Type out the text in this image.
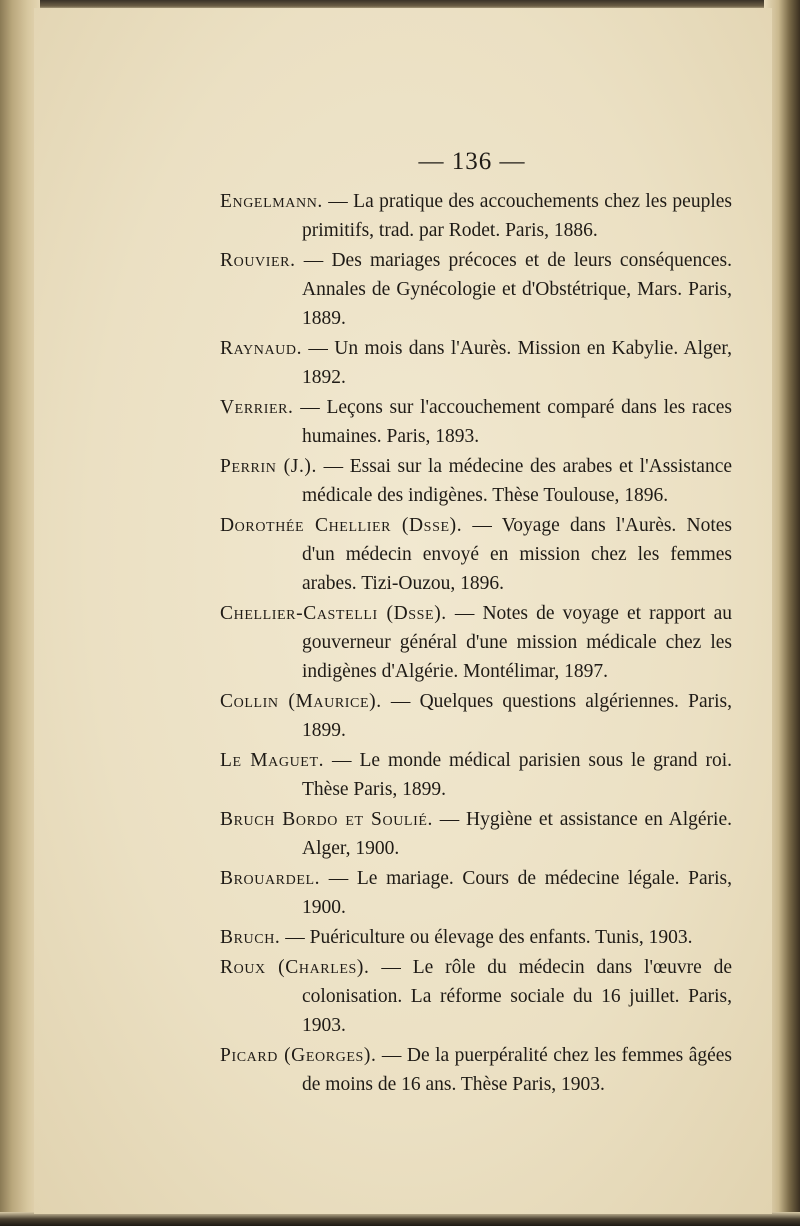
— 136 —

Engelmann. — La pratique des accouchements chez les peuples primitifs, trad. par Rodet. Paris, 1886.

Rouvier. — Des mariages précoces et de leurs conséquences. Annales de Gynécologie et d'Obstétrique, Mars. Paris, 1889.

Raynaud. — Un mois dans l'Aurès. Mission en Kabylie. Alger, 1892.

Verrier. — Leçons sur l'accouchement comparé dans les races humaines. Paris, 1893.

Perrin (J.). — Essai sur la médecine des arabes et l'Assistance médicale des indigènes. Thèse Toulouse, 1896.

Dorothée Chellier (Dsse). — Voyage dans l'Aurès. Notes d'un médecin envoyé en mission chez les femmes arabes. Tizi-Ouzou, 1896.

Chellier-Castelli (Dsse). — Notes de voyage et rapport au gouverneur général d'une mission médicale chez les indigènes d'Algérie. Montélimar, 1897.

Collin (Maurice). — Quelques questions algériennes. Paris, 1899.

Le Maguet. — Le monde médical parisien sous le grand roi. Thèse Paris, 1899.

Bruch Bordo et Soulié. — Hygiène et assistance en Algérie. Alger, 1900.

Brouardel. — Le mariage. Cours de médecine légale. Paris, 1900.

Bruch. — Puériculture ou élevage des enfants. Tunis, 1903.

Roux (Charles). — Le rôle du médecin dans l'œuvre de colonisation. La réforme sociale du 16 juillet. Paris, 1903.

Picard (Georges). — De la puerpéralité chez les femmes âgées de moins de 16 ans. Thèse Paris, 1903.
